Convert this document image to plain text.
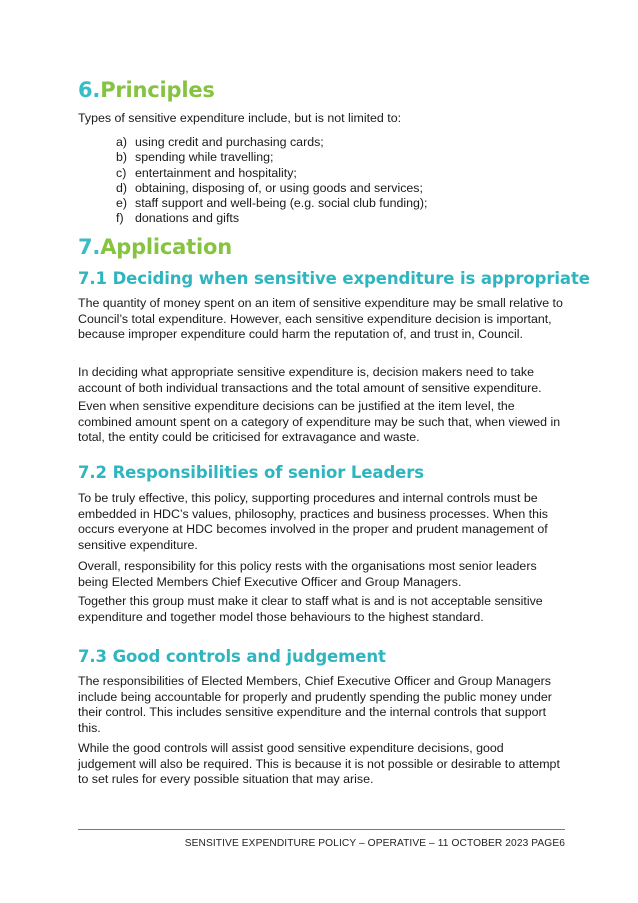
6.Principles

Types of sensitive expenditure include, but is not limited to:

a) using credit and purchasing cards;
b) spending while travelling;
c) entertainment and hospitality;
d) obtaining, disposing of, or using goods and services;
e) staff support and well-being (e.g. social club funding);
f) donations and gifts
7.Application
7.1 Deciding when sensitive expenditure is appropriate

The quantity of money spent on an item of sensitive expenditure may be small relative to Council’s total expenditure. However, each sensitive expenditure decision is important, because improper expenditure could harm the reputation of, and trust in, Council.

In deciding what appropriate sensitive expenditure is, decision makers need to take account of both individual transactions and the total amount of sensitive expenditure.

Even when sensitive expenditure decisions can be justified at the item level, the combined amount spent on a category of expenditure may be such that, when viewed in total, the entity could be criticised for extravagance and waste.

7.2 Responsibilities of senior Leaders

To be truly effective, this policy, supporting procedures and internal controls must be embedded in HDC’s values, philosophy, practices and business processes. When this occurs everyone at HDC becomes involved in the proper and prudent management of sensitive expenditure.

Overall, responsibility for this policy rests with the organisations most senior leaders being Elected Members Chief Executive Officer and Group Managers.

Together this group must make it clear to staff what is and is not acceptable sensitive expenditure and together model those behaviours to the highest standard.

7.3 Good controls and judgement

The responsibilities of Elected Members, Chief Executive Officer and Group Managers include being accountable for properly and prudently spending the public money under their control. This includes sensitive expenditure and the internal controls that support this.

While the good controls will assist good sensitive expenditure decisions, good judgement will also be required. This is because it is not possible or desirable to attempt to set rules for every possible situation that may arise.

SENSITIVE EXPENDITURE POLICY – OPERATIVE – 11 OCTOBER 2023 PAGE6
